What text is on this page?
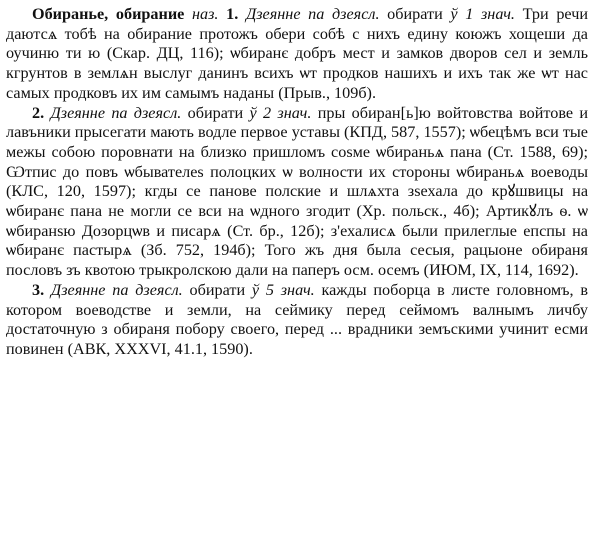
Обиранье, обирание наз. 1. Дзеянне па дзеясл. обирати ў 1 знач. Три речи даютсѧ тобѣ на обирание протожъ обери собѣ с нихъ едину коюжъ хощеши да оучиню ти ю (Скар. ДЦ, 116); ѡбиранє добръ мест и замков дворов сел и земль кгрунтов в землѧн выслуг данинъ всихъ ѡт продков нашихъ и ихъ так же ѡт нас самых продковъ их им самымъ наданы (Прыв., 109б).

2. Дзеянне па дзеясл. обирати ў 2 знач. пры обиран[ь]ю войтовства войтове и лавъники прысегати мають водле первое уставы (КПД, 587, 1557); ѡбецѣмъ вси тые межы собою поровнати на близко пришломъ соѕме ѡбираньѧ пана (Ст. 1588, 69); Ѡтпис до повъ ѡбывателеѕ полоцких ѡ волности их стороны ѡбираньѧ воеводы (КЛС, 120, 1597); кгды се панове полские и шлѧхта зѕехала до крꙋшвицы на ѡбиранє пана не могли се вси на ѡдного згодит (Хр. польск., 4б); Артикꙋлъ ѳ. ѡ ѡбиранѕю Дозорцѡв и писарѧ (Ст. бр., 12б); з'ехалисѧ были прилеглые епспы на ѡбиранє пастырѧ (Зб. 752, 194б); Того жъ дня была сесыя, рацыоне обираня пословъ зъ квотою трыкролскою дали на паперъ осм. осемъ (ИЮМ, IX, 114, 1692).

3. Дзеянне па дзеясл. обирати ў 5 знач. кажды поборца в листе головномъ, в котором воеводстве и земли, на сеймику перед сеймомъ валнымъ личбу достаточную з обираня побору своего, перед ... врадники земъскими учинит есми повинен (АВК, XXXVI, 41.1, 1590).
